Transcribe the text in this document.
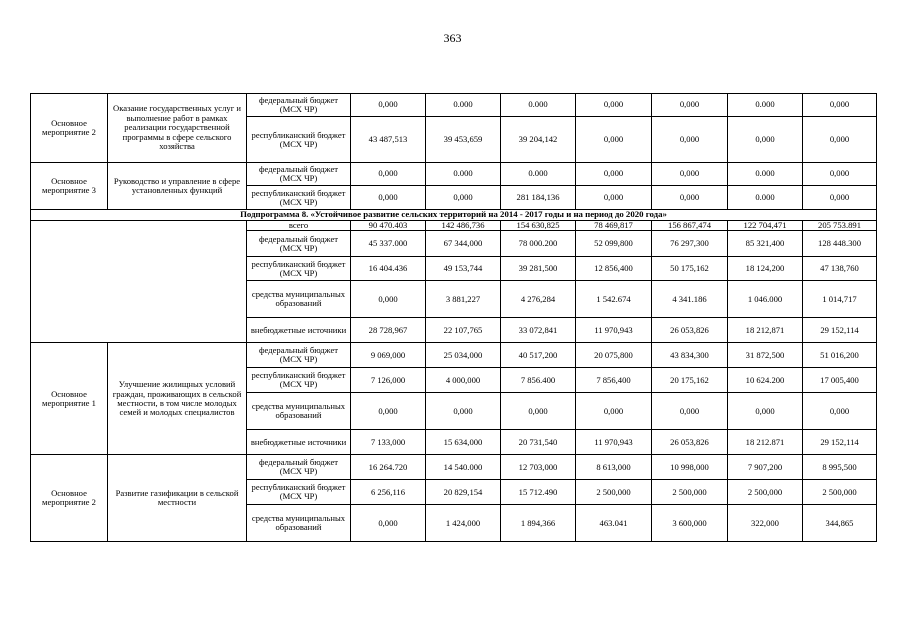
363
Основное мероприятие 2	Оказание государственных услуг и выполнение работ в рамках реализации государственной программы в сфере сельского хозяйства	федеральный бюджет (МСХ ЧР)	0,000	0.000	0.000	0,000	0,000	0.000	0,000
		республиканский бюджет (МСХ ЧР)	43 487,513	39 453,659	39 204,142	0,000	0,000	0,000	0,000
Основное мероприятие 3	Руководство и управление в сфере установленных функций	федеральный бюджет (МСХ ЧР)	0,000	0.000	0.000	0,000	0,000	0.000	0,000
		республиканский бюджет (МСХ ЧР)	0,000	0,000	281 184,136	0,000	0,000	0.000	0,000
Подпрограмма 8. «Устойчивое развитие сельских территорий на 2014 - 2017 годы и на период до 2020 года»									
		всего	90 470.403	142 486,736	154 630,825	78 469,817	156 867,474	122 704,471	205 753.891
		федеральный бюджет (МСХ ЧР)	45 337.000	67 344,000	78 000.200	52 099,800	76 297,300	85 321,400	128 448.300
		республиканский бюджет (МСХ ЧР)	16 404.436	49 153,744	39 281,500	12 856,400	50 175,162	18 124,200	47 138,760
		средства муниципальных образований	0,000	3 881,227	4 276,284	1 542.674	4 341.186	1 046.000	1 014,717
		внебюджетные источники	28 728,967	22 107,765	33 072,841	11 970,943	26 053,826	18 212,871	29 152,114
Основное мероприятие 1	Улучшение жилищных условий граждан, проживающих в сельской местности, в том числе молодых семей и молодых специалистов	федеральный бюджет (МСХ ЧР)	9 069,000	25 034,000	40 517,200	20 075,800	43 834,300	31 872,500	51 016,200
		республиканский бюджет (МСХ ЧР)	7 126,000	4 000,000	7 856.400	7 856,400	20 175,162	10 624.200	17 005,400
		средства муниципальных образований	0,000	0,000	0,000	0,000	0,000	0,000	0,000
		внебюджетные источники	7 133,000	15 634,000	20 731,540	11 970,943	26 053,826	18 212.871	29 152,114
Основное мероприятие 2	Развитие газификации в сельской местности	федеральный бюджет (МСХ ЧР)	16 264.720	14 540.000	12 703,000	8 613,000	10 998,000	7 907,200	8 995,500
		республиканский бюджет (МСХ ЧР)	6 256,116	20 829,154	15 712.490	2 500,000	2 500,000	2 500,000	2 500,000
		средства муниципальных образований	0,000	1 424,000	1 894,366	463.041	3 600,000	322,000	344,865
